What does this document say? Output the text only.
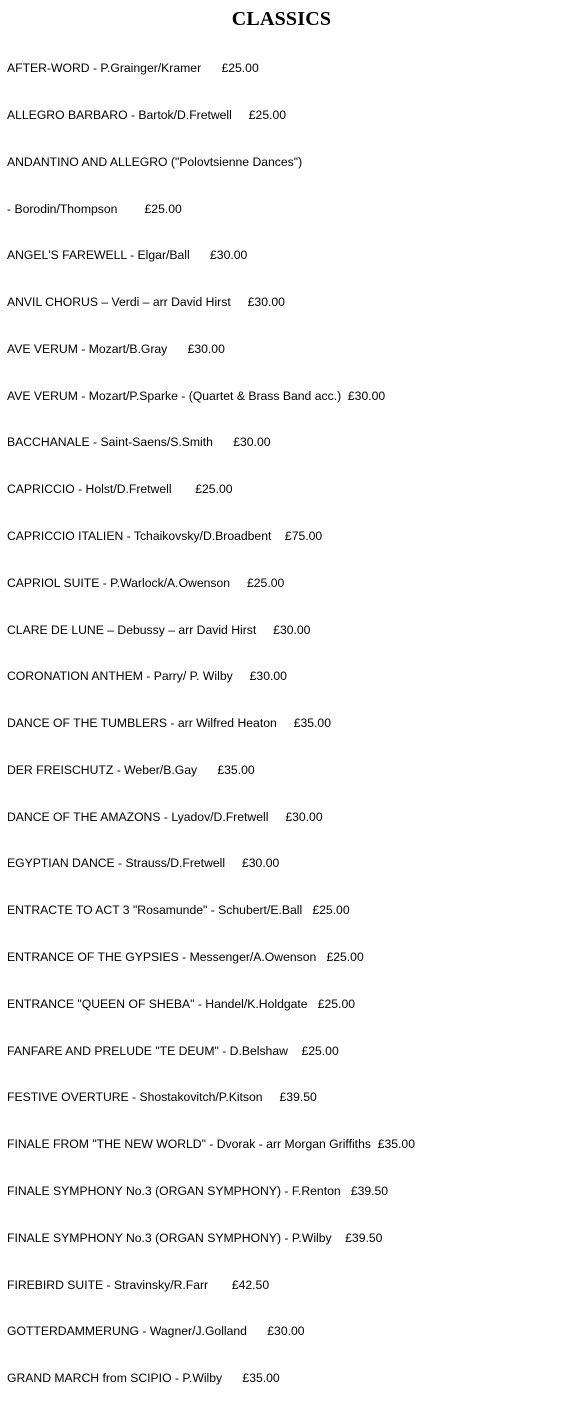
CLASSICS

AFTER-WORD - P.Grainger/Kramer      £25.00

ALLEGRO BARBARO - Bartok/D.Fretwell     £25.00

ANDANTINO AND ALLEGRO ("Polovtsienne Dances")

- Borodin/Thompson        £25.00

ANGEL'S FAREWELL - Elgar/Ball      £30.00

ANVIL CHORUS – Verdi – arr David Hirst     £30.00

AVE VERUM - Mozart/B.Gray      £30.00

AVE VERUM - Mozart/P.Sparke - (Quartet & Brass Band acc.)  £30.00

BACCHANALE - Saint-Saens/S.Smith      £30.00

CAPRICCIO - Holst/D.Fretwell       £25.00

CAPRICCIO ITALIEN - Tchaikovsky/D.Broadbent    £75.00

CAPRIOL SUITE - P.Warlock/A.Owenson     £25.00

CLARE DE LUNE – Debussy – arr David Hirst     £30.00

CORONATION ANTHEM - Parry/ P. Wilby     £30.00

DANCE OF THE TUMBLERS - arr Wilfred Heaton     £35.00

DER FREISCHUTZ - Weber/B.Gay      £35.00

DANCE OF THE AMAZONS - Lyadov/D.Fretwell     £30.00

EGYPTIAN DANCE - Strauss/D.Fretwell     £30.00

ENTRACTE TO ACT 3 "Rosamunde" - Schubert/E.Ball   £25.00

ENTRANCE OF THE GYPSIES - Messenger/A.Owenson   £25.00

ENTRANCE "QUEEN OF SHEBA" - Handel/K.Holdgate   £25.00

FANFARE AND PRELUDE "TE DEUM" - D.Belshaw    £25.00

FESTIVE OVERTURE - Shostakovitch/P.Kitson     £39.50

FINALE FROM "THE NEW WORLD" - Dvorak - arr Morgan Griffiths  £35.00

FINALE SYMPHONY No.3 (ORGAN SYMPHONY) - F.Renton   £39.50

FINALE SYMPHONY No.3 (ORGAN SYMPHONY) - P.Wilby    £39.50

FIREBIRD SUITE - Stravinsky/R.Farr       £42.50

GOTTERDAMMERUNG - Wagner/J.Golland      £30.00

GRAND MARCH from SCIPIO - P.Wilby      £35.00
